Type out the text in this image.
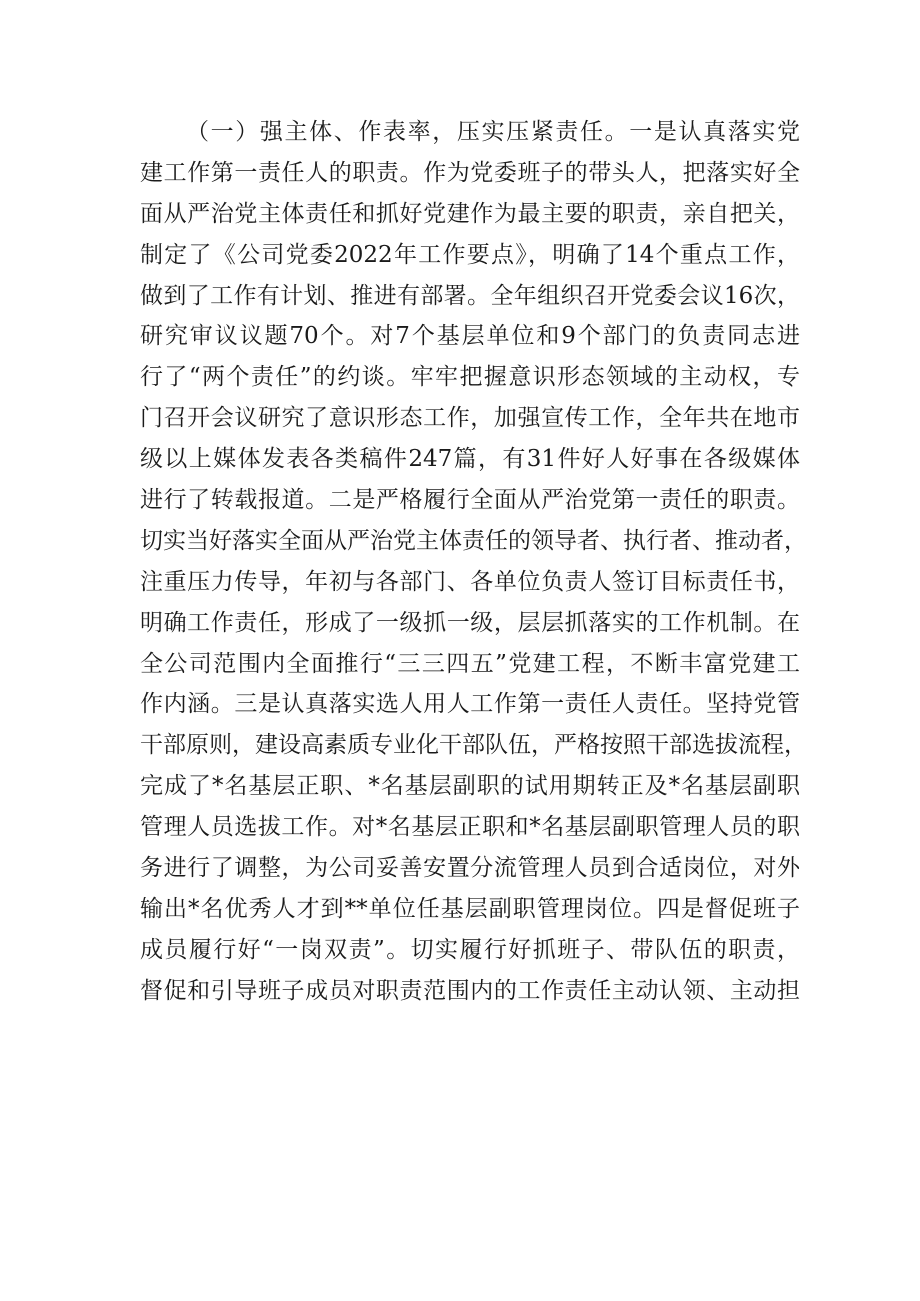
（一）强主体、作表率，压实压紧责任。一是认真落实党
建工作第一责任人的职责。作为党委班子的带头人，把落实好全
面从严治党主体责任和抓好党建作为最主要的职责，亲自把关，
制定了《公司党委2022年工作要点》，明确了14个重点工作，
做到了工作有计划、推进有部署。全年组织召开党委会议16次，
研究审议议题70个。对7个基层单位和9个部门的负责同志进
行了“两个责任”的约谈。牢牢把握意识形态领域的主动权，专
门召开会议研究了意识形态工作，加强宣传工作，全年共在地市
级以上媒体发表各类稿件247篇，有31件好人好事在各级媒体
进行了转载报道。二是严格履行全面从严治党第一责任的职责。
切实当好落实全面从严治党主体责任的领导者、执行者、推动者，
注重压力传导，年初与各部门、各单位负责人签订目标责任书，
明确工作责任，形成了一级抓一级，层层抓落实的工作机制。在
全公司范围内全面推行“三三四五”党建工程，不断丰富党建工
作内涵。三是认真落实选人用人工作第一责任人责任。坚持党管
干部原则，建设高素质专业化干部队伍，严格按照干部选拔流程，
完成了*名基层正职、*名基层副职的试用期转正及*名基层副职
管理人员选拔工作。对*名基层正职和*名基层副职管理人员的职
务进行了调整，为公司妥善安置分流管理人员到合适岗位，对外
输出*名优秀人才到**单位任基层副职管理岗位。四是督促班子
成员履行好“一岗双责”。切实履行好抓班子、带队伍的职责，
督促和引导班子成员对职责范围内的工作责任主动认领、主动担
